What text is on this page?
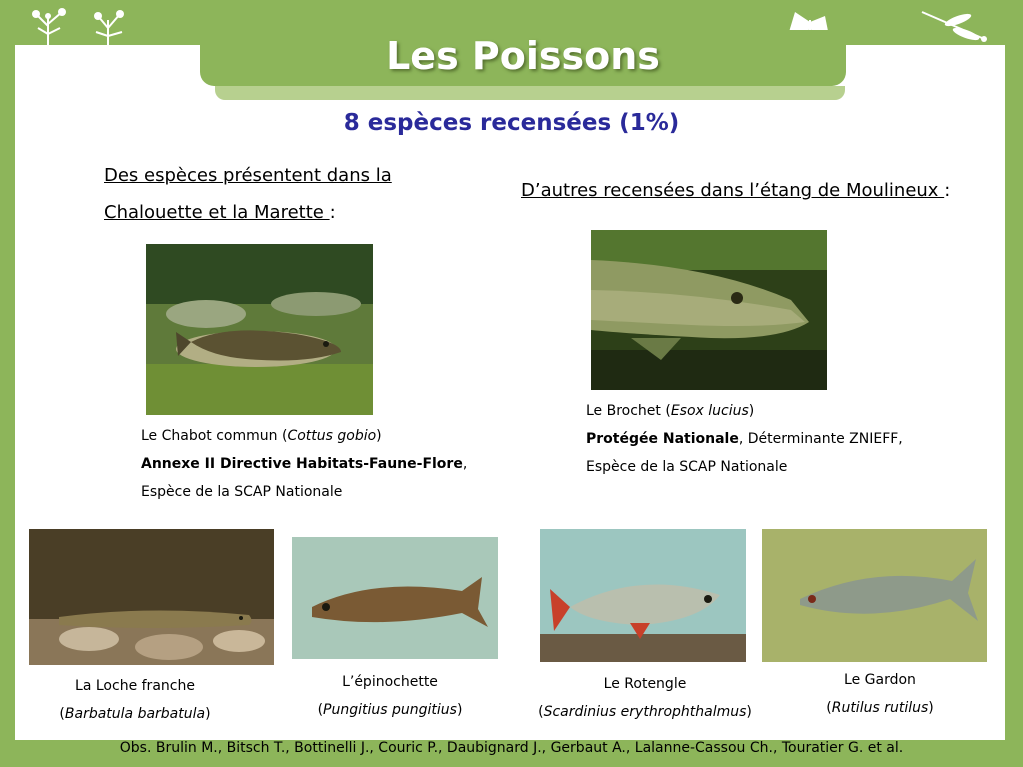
Les Poissons
8 espèces recensées (1%)
Des espèces présentent dans la
Chalouette et la Marette :
D’autres recensées dans l’étang de Moulineux :
Le Chabot commun (Cottus gobio)
Annexe II Directive Habitats-Faune-Flore,
Espèce de la SCAP Nationale
Le Brochet (Esox lucius)
Protégée Nationale, Déterminante ZNIEFF,
Espèce de la SCAP Nationale
La Loche franche
(Barbatula barbatula)
L’épinochette
(Pungitius pungitius)
Le Rotengle
(Scardinius erythrophthalmus)
Le Gardon
(Rutilus rutilus)
Obs. Brulin M., Bitsch T., Bottinelli J., Couric P., Daubignard J., Gerbaut A., Lalanne-Cassou Ch., Touratier G. et al.
